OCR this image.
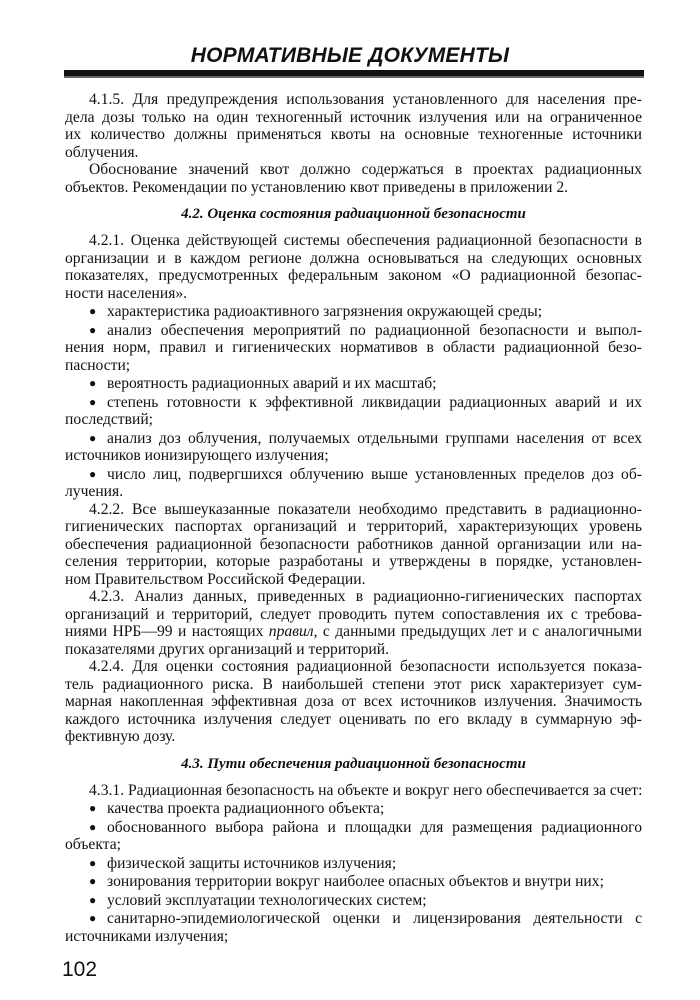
НОРМАТИВНЫЕ ДОКУМЕНТЫ
4.1.5. Для предупреждения использования установленного для населения пре-
дела дозы только на один техногенный источник излучения или на ограниченное
их количество должны применяться квоты на основные техногенные источники
облучения.
Обоснование значений квот должно содержаться в проектах радиационных
объектов. Рекомендации по установлению квот приведены в приложении 2.
4.2. Оценка состояния радиационной безопасности
4.2.1. Оценка действующей системы обеспечения радиационной безопасности в
организации и в каждом регионе должна основываться на следующих основных
показателях, предусмотренных федеральным законом «О радиационной безопас-
ности населения».
● характеристика радиоактивного загрязнения окружающей среды;
● анализ обеспечения мероприятий по радиационной безопасности и выпол-
нения норм, правил и гигиенических нормативов в области радиационной безо-
пасности;
● вероятность радиационных аварий и их масштаб;
● степень готовности к эффективной ликвидации радиационных аварий и их
последствий;
● анализ доз облучения, получаемых отдельными группами населения от всех
источников ионизирующего излучения;
● число лиц, подвергшихся облучению выше установленных пределов доз об-
лучения.
4.2.2. Все вышеуказанные показатели необходимо представить в радиационно-
гигиенических паспортах организаций и территорий, характеризующих уровень
обеспечения радиационной безопасности работников данной организации или на-
селения территории, которые разработаны и утверждены в порядке, установлен-
ном Правительством Российской Федерации.
4.2.3. Анализ данных, приведенных в радиационно-гигиенических паспортах
организаций и территорий, следует проводить путем сопоставления их с требова-
ниями НРБ—99 и настоящих правил, с данными предыдущих лет и с аналогичными
показателями других организаций и территорий.
4.2.4. Для оценки состояния радиационной безопасности используется показа-
тель радиационного риска. В наибольшей степени этот риск характеризует сум-
марная накопленная эффективная доза от всех источников излучения. Значимость
каждого источника излучения следует оценивать по его вкладу в суммарную эф-
фективную дозу.
4.3. Пути обеспечения радиационной безопасности
4.3.1. Радиационная безопасность на объекте и вокруг него обеспечивается за счет:
● качества проекта радиационного объекта;
● обоснованного выбора района и площадки для размещения радиационного
объекта;
● физической защиты источников излучения;
● зонирования территории вокруг наиболее опасных объектов и внутри них;
● условий эксплуатации технологических систем;
● санитарно-эпидемиологической оценки и лицензирования деятельности с
источниками излучения;
102
